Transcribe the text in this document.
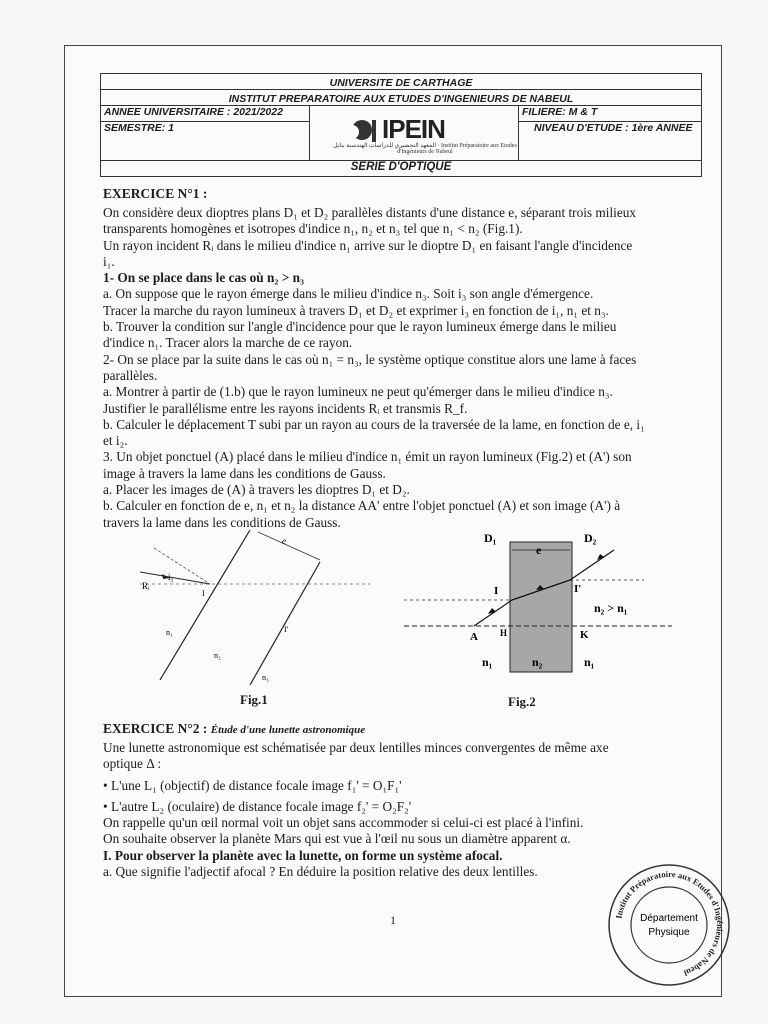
UNIVERSITE DE CARTHAGE
INSTITUT PREPARATOIRE AUX ETUDES D'INGENIEURS DE NABEUL
ANNEE UNIVERSITAIRE : 2021/2022
SEMESTRE: 1
FILIERE: M & T
NIVEAU D'ETUDE : 1ère ANNEE
IPEIN
المعهد التحضيري للدراسات الهندسية بنابل · Institut Préparatoire aux Etudes d'Ingénieurs de Nabeul
SERIE D'OPTIQUE
EXERCICE N°1 :
On considère deux dioptres plans D₁ et D₂ parallèles distants d'une distance e, séparant trois milieux
transparents homogènes et isotropes d'indice n₁, n₂ et n₃ tel que n₁ < n₂ (Fig.1).
Un rayon incident Rᵢ dans le milieu d'indice n₁ arrive sur le dioptre D₁ en faisant l'angle d'incidence
i₁.
1- On se place dans le cas où n₂ > n₃
a. On suppose que le rayon émerge dans le milieu d'indice n₃. Soit i₃ son angle d'émergence.
Tracer la marche du rayon lumineux à travers D₁ et D₂ et exprimer i₃ en fonction de i₁, n₁ et n₃.
b. Trouver la condition sur l'angle d'incidence pour que le rayon lumineux émerge dans le milieu
d'indice n₁. Tracer alors la marche de ce rayon.
2- On se place par la suite dans le cas où n₁ = n₃, le système optique constitue alors une lame à faces
parallèles.
a. Montrer à partir de (1.b) que le rayon lumineux ne peut qu'émerger dans le milieu d'indice n₃.
Justifier le parallélisme entre les rayons incidents Rᵢ et transmis R_f.
b. Calculer le déplacement T subi par un rayon au cours de la traversée de la lame, en fonction de e, i₁
et i₂.
3. Un objet ponctuel (A) placé dans le milieu d'indice n₁ émit un rayon lumineux (Fig.2) et (A') son
image à travers la lame dans les conditions de Gauss.
a. Placer les images de (A) à travers les dioptres D₁ et D₂.
b. Calculer en fonction de e, n₁ et n₂ la distance AA' entre l'objet ponctuel (A) et son image (A') à
travers la lame dans les conditions de Gauss.
e
Rᵢ
i₁
I
I'
n₁
n₂
n₃
Fig.1
D₁	D₂
e
I	I'
A H	K
n₂ > n₁
n₁	n₂	n₁
Fig.2
EXERCICE N°2 : Étude d'une lunette astronomique
Une lunette astronomique est schématisée par deux lentilles minces convergentes de même axe
optique Δ :
• L'une L₁ (objectif) de distance focale image f₁' = O₁F₁'
• L'autre L₂ (oculaire) de distance focale image f₂' = O₂F₂'
On rappelle qu'un œil normal voit un objet sans accommoder si celui-ci est placé à l'infini.
On souhaite observer la planète Mars qui est vue à l'œil nu sous un diamètre apparent α.
I. Pour observer la planète avec la lunette, on forme un système afocal.
a. Que signifie l'adjectif afocal ? En déduire la position relative des deux lentilles.
1	Institut Préparatoire aux Etudes d'Ingénieurs de Nabeul
Département
Physique
